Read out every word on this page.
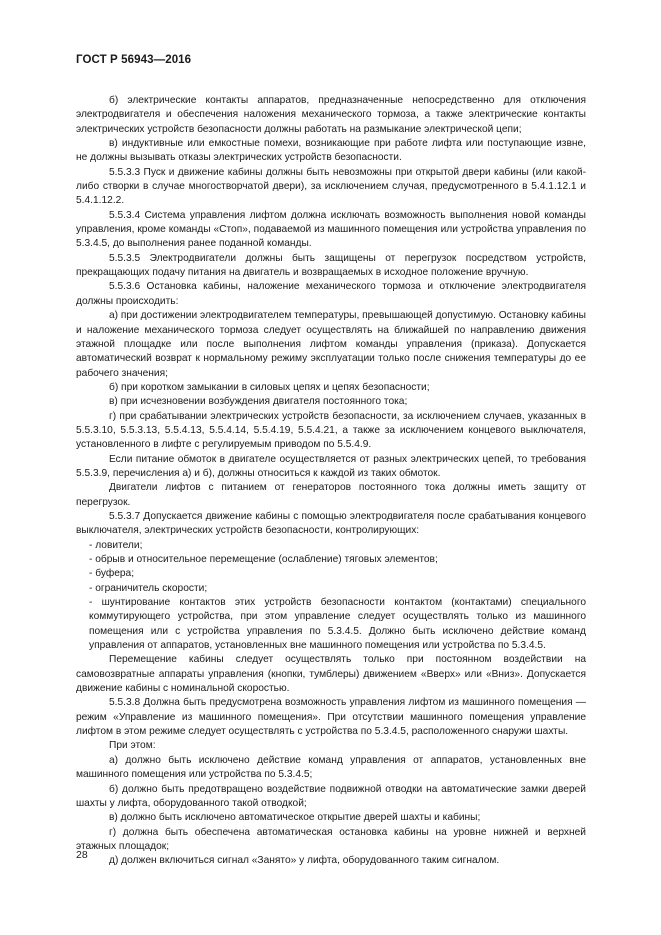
ГОСТ Р 56943—2016

б) электрические контакты аппаратов, предназначенные непосредственно для отключения электродвигателя и обеспечения наложения механического тормоза, а также электрические контакты электрических устройств безопасности должны работать на размыкание электрической цепи;

в) индуктивные или емкостные помехи, возникающие при работе лифта или поступающие извне, не должны вызывать отказы электрических устройств безопасности.

5.5.3.3 Пуск и движение кабины должны быть невозможны при открытой двери кабины (или какой-либо створки в случае многостворчатой двери), за исключением случая, предусмотренного в 5.4.1.12.1 и 5.4.1.12.2.

5.5.3.4 Система управления лифтом должна исключать возможность выполнения новой команды управления, кроме команды «Стоп», подаваемой из машинного помещения или устройства управления по 5.3.4.5, до выполнения ранее поданной команды.

5.5.3.5 Электродвигатели должны быть защищены от перегрузок посредством устройств, прекращающих подачу питания на двигатель и возвращаемых в исходное положение вручную.

5.5.3.6 Остановка кабины, наложение механического тормоза и отключение электродвигателя должны происходить:

а) при достижении электродвигателем температуры, превышающей допустимую. Остановку кабины и наложение механического тормоза следует осуществлять на ближайшей по направлению движения этажной площадке или после выполнения лифтом команды управления (приказа). Допускается автоматический возврат к нормальному режиму эксплуатации только после снижения температуры до ее рабочего значения;

б) при коротком замыкании в силовых цепях и цепях безопасности;

в) при исчезновении возбуждения двигателя постоянного тока;

г) при срабатывании электрических устройств безопасности, за исключением случаев, указанных в 5.5.3.10, 5.5.3.13, 5.5.4.13, 5.5.4.14, 5.5.4.19, 5.5.4.21, а также за исключением концевого выключателя, установленного в лифте с регулируемым приводом по 5.5.4.9.

Если питание обмоток в двигателе осуществляется от разных электрических цепей, то требования 5.5.3.9, перечисления а) и б), должны относиться к каждой из таких обмоток.

Двигатели лифтов с питанием от генераторов постоянного тока должны иметь защиту от перегрузок.

5.5.3.7 Допускается движение кабины с помощью электродвигателя после срабатывания концевого выключателя, электрических устройств безопасности, контролирующих:

- ловители;

- обрыв и относительное перемещение (ослабление) тяговых элементов;

- буфера;

- ограничитель скорости;

- шунтирование контактов этих устройств безопасности контактом (контактами) специального коммутирующего устройства, при этом управление следует осуществлять только из машинного помещения или с устройства управления по 5.3.4.5. Должно быть исключено действие команд управления от аппаратов, установленных вне машинного помещения или устройства по 5.3.4.5.

Перемещение кабины следует осуществлять только при постоянном воздействии на самовозвратные аппараты управления (кнопки, тумблеры) движением «Вверх» или «Вниз». Допускается движение кабины с номинальной скоростью.

5.5.3.8 Должна быть предусмотрена возможность управления лифтом из машинного помещения — режим «Управление из машинного помещения». При отсутствии машинного помещения управление лифтом в этом режиме следует осуществлять с устройства по 5.3.4.5, расположенного снаружи шахты.

При этом:

а) должно быть исключено действие команд управления от аппаратов, установленных вне машинного помещения или устройства по 5.3.4.5;

б) должно быть предотвращено воздействие подвижной отводки на автоматические замки дверей шахты у лифта, оборудованного такой отводкой;

в) должно быть исключено автоматическое открытие дверей шахты и кабины;

г) должна быть обеспечена автоматическая остановка кабины на уровне нижней и верхней этажных площадок;

д) должен включиться сигнал «Занято» у лифта, оборудованного таким сигналом.

28
